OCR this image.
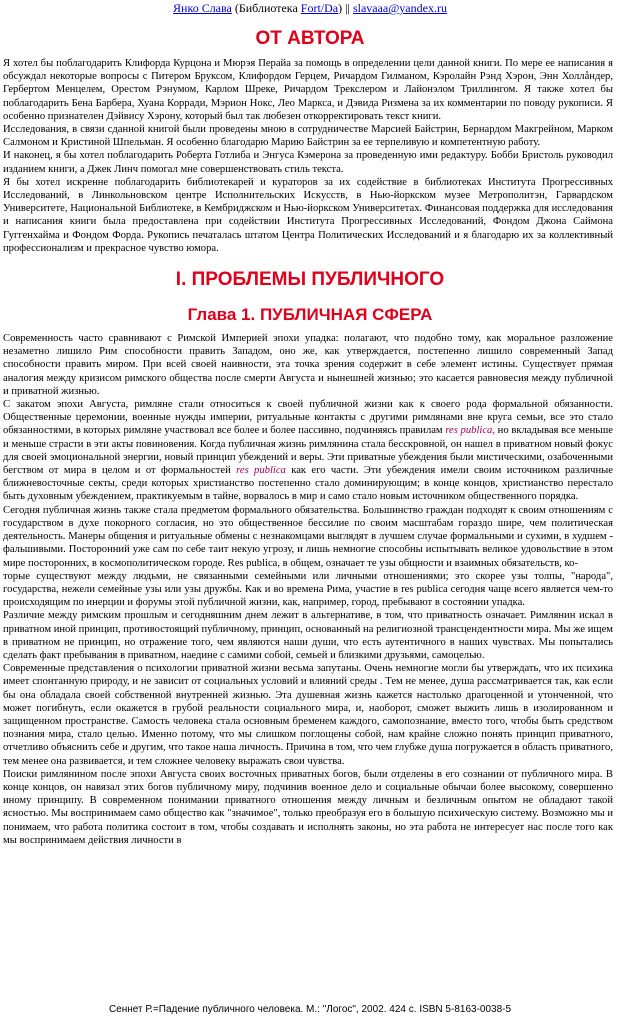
Янко Слава (Библиотека Fort/Da) || slavaaa@yandex.ru
ОТ АВТОРА

Я хотел бы поблагодарить Клифорда Курцона и Мюрэя Перайа за помощь в определении цели данной книги. По мере ее написания я обсуждал некоторые вопросы с Питером Бруксом, Клифордом Герцем, Ричардом Гилманом, Кэролайн Рэнд Хэрон, Энн Холлåндер, Гербертом Менцелем, Орестом Рэнумом, Карлом Шреке, Ричардом Трекслером и Лайонэлом Триллингом. Я также хотел бы поблагодарить Бена Барбера, Хуана Корради, Мэрион Нокс, Лео Маркса, и Дэвида Ризмена за их комментарии по поводу рукописи. Я особенно признателен Дэйвису Хэрону, который был так любезен откорректировать текст книги.

Исследования, в связи сданной книгой были проведены мною в сотрудничестве Марсией Байстрин, Бернардом Макгрейном, Марком Салмоном и Кристиной Шпельман. Я особенно благодарю Марию Байстрин за ее терпеливую и компетентную работу.

И наконец, я бы хотел поблагодарить Роберта Готлиба и Энгуса Кэмерона за проведенную ими редактуру. Бобби Бристоль руководил изданием книги, а Джек Линч помогал мне совершенствовать стиль текста.

Я бы хотел искренне поблагодарить библиотекарей и кураторов за их содействие в библиотеках Института Прогрессивных Исследований, в Линкольновском центре Исполнительских Искусств, в Нью-йоркском музее Метрополитэн, Гарвардском Университете, Национальной Библиотеке, в Кембриджском и Нью-йоркском Университетах. Финансовая поддержка для исследования и написания книги была предоставлена при содействии Института Прогрессивных Исследований, Фондом Джона Саймона Гуггенхайма и Фондом Форда. Рукопись печаталась штатом Центра Политических Исследований и я благодарю их за коллективный профессионализм и прекрасное чувство юмора.

I. ПРОБЛЕМЫ ПУБЛИЧНОГО
Глава 1. ПУБЛИЧНАЯ СФЕРА

Современность часто сравнивают с Римской Империей эпохи упадка: полагают, что подобно тому, как моральное разложение незаметно лишило Рим способности править Западом, оно же, как утверждается, постепенно лишило современный Запад способности править миром. При всей своей наивности, эта точка зрения содержит в себе элемент истины. Существует прямая аналогия между кризисом римского общества после смерти Августа и нынешней жизнью; это касается равновесия между публичной и приватной жизнью.

С закатом эпохи Августа, римляне стали относиться к своей публичной жизни как к своего рода формальной обязанности. Общественные церемонии, военные нужды империи, ритуальные контакты с другими римлянами вне круга семьи, все это стало обязанностями, в которых римляне участвовал все более и более пассивно, подчиняясь правилам res publica, но вкладывая все меньше и меньше страсти в эти акты повиновения. Когда публичная жизнь римлянина стала бесскровной, он нашел в приватном новый фокус для своей эмоциональной энергии, новый принцип убеждений и веры. Эти приватные убеждения были мистическими, озабоченными бегством от мира в целом и от формальностей res publica как его части. Эти убеждения имели своим источником различные ближневосточные секты, среди которых христианство постепенно стало доминирующим; в конце концов, христианство перестало быть духовным убеждением, практикуемым в тайне, ворвалось в мир и само стало новым источником общественного порядка.

Сегодня публичная жизнь также стала предметом формального обязательства. Большинство граждан подходят к своим отношениям с государством в духе покорного согласия, но это общественное бессилие по своим масштабам гораздо шире, чем политическая деятельность. Манеры общения и ритуальные обмены с незнакомцами выглядят в лучшем случае формальными и сухими, в худшем - фальшивыми. Посторонний уже сам по себе таит некую угрозу, и лишь немногие способны испытывать великое удовольствие в этом мире посторонних, в космополитическом городе. Res publica, в общем, означает те узы общности и взаимных обязательств, ко-

торые существуют между людьми, не связанными семейными или личными отношениями; это скорее узы толпы, "народа", государства, нежели семейные узы или узы дружбы. Как и во времена Рима, участие в res publica сегодня чаще всего является чем-то происходящим по инерции и форумы этой публичной жизни, как, например, город, пребывают в состоянии упадка.

Различие между римским прошлым и сегодняшним днем лежит в альтернативе, в том, что приватность означает. Римлянин искал в приватном иной принцип, противостоящий публичному, принцип, основанный на религиозной трансцендентности мира. Мы же ищем в приватном не принцип, но отражение того, чем являются наши души, что есть аутентичного в наших чувствах. Мы попытались сделать факт пребывания в приватном, наедине с самими собой, семьей и близкими друзьями, самоцелью.

Современные представления о психологии приватной жизни весьма запутаны. Очень немногие могли бы утверждать, что их психика имеет спонтанную природу, и не зависит от социальных условий и влияний среды . Тем не менее, душа рассматривается так, как если бы она обладала своей собственной внутренней жизнью. Эта душевная жизнь кажется настолько драгоценной и утонченной, что может погибнуть, если окажется в грубой реальности социального мира, и, наоборот, сможет выжить лишь в изолированном и защищенном пространстве. Самость человека стала основным бременем каждого, самопознание, вместо того, чтобы быть средством познания мира, стало целью. Именно потому, что мы слишком поглощены собой, нам крайне сложно понять принцип приватного, отчетливо объяснить себе и другим, что такое наша личность. Причина в том, что чем глубже душа погружается в область приватного, тем менее она развивается, и тем сложнее человеку выражать свои чувства.

Поиски римлянином после эпохи Августа своих восточных приватных богов, были отделены в его сознании от публичного мира. В конце концов, он навязал этих богов публичному миру, подчинив военное дело и социальные обычаи более высокому, совершенно иному принципу. В современном понимании приватного отношения между личным и безличным опытом не обладают такой ясностью. Мы воспринимаем само общество как "значимое", только преобразуя его в большую психическую систему. Возможно мы и понимаем, что работа политика состоит в том, чтобы создавать и исполнять законы, но эта работа не интересует нас после того как мы воспринимаем действия личности в

Сеннет Р.=Падение публичного человека. М.: "Логос", 2002. 424 с. ISBN 5-8163-0038-5
